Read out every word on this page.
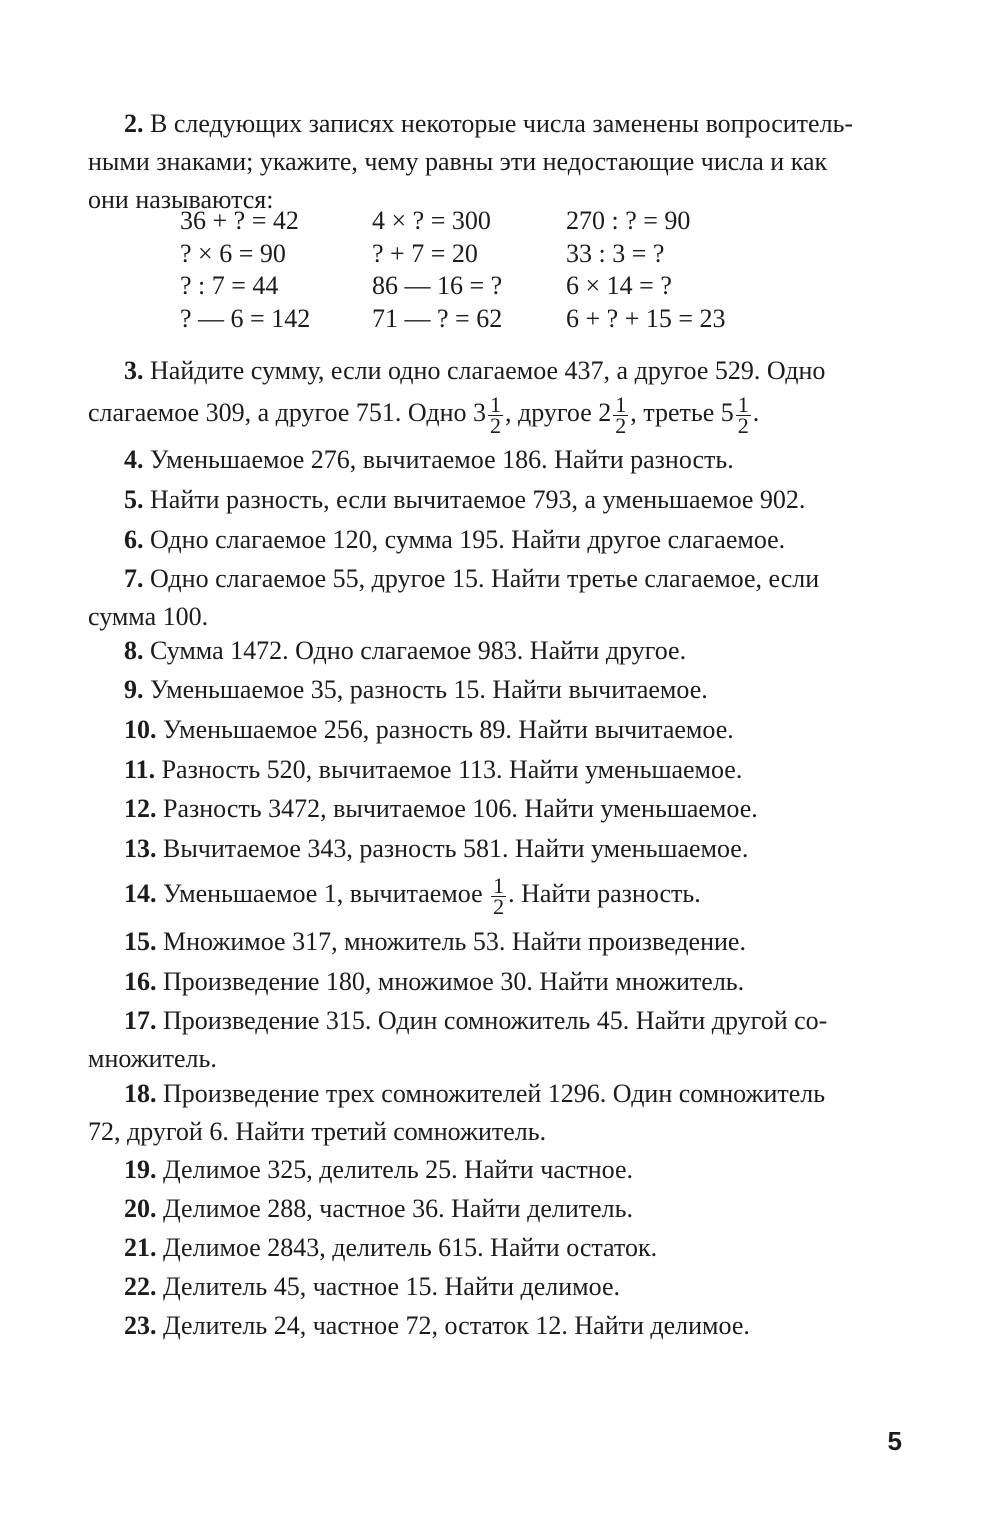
2. В следующих записях некоторые числа заменены вопроситель-
ными знаками; укажите, чему равны эти недостающие числа и как
они называются:
36 + ? = 42	4 × ? = 300	270 : ? = 90
? × 6 = 90	? + 7 = 20	33 : 3 = ?
? : 7 = 44	86 — 16 = ?	6 × 14 = ?
? — 6 = 142	71 — ? = 62	6 + ? + 15 = 23
3. Найдите сумму, если одно слагаемое 437, а другое 529. Одно
слагаемое 309, а другое 751. Одно $3 \frac{1}{2}$ , другое $2 \frac{1}{2}$ , третье $5 \frac{1}{2}$ .
4. Уменьшаемое 276, вычитаемое 186. Найти разность.
5. Найти разность, если вычитаемое 793, а уменьшаемое 902.
6. Одно слагаемое 120, сумма 195. Найти другое слагаемое.
7. Одно слагаемое 55, другое 15. Найти третье слагаемое, если
сумма 100.
8. Сумма 1472. Одно слагаемое 983. Найти другое.
9. Уменьшаемое 35, разность 15. Найти вычитаемое.
10. Уменьшаемое 256, разность 89. Найти вычитаемое.
11. Разность 520, вычитаемое 113. Найти уменьшаемое.
12. Разность 3472, вычитаемое 106. Найти уменьшаемое.
13. Вычитаемое 343, разность 581. Найти уменьшаемое.
14. Уменьшаемое 1, вычитаемое $\frac{1}{2}$ . Найти разность.
15. Множимое 317, множитель 53. Найти произведение.
16. Произведение 180, множимое 30. Найти множитель.
17. Произведение 315. Один сомножитель 45. Найти другой со-
множитель.
18. Произведение трех сомножителей 1296. Один сомножитель
72, другой 6. Найти третий сомножитель.
19. Делимое 325, делитель 25. Найти частное.
20. Делимое 288, частное 36. Найти делитель.
21. Делимое 2843, делитель 615. Найти остаток.
22. Делитель 45, частное 15. Найти делимое.
23. Делитель 24, частное 72, остаток 12. Найти делимое.
5
